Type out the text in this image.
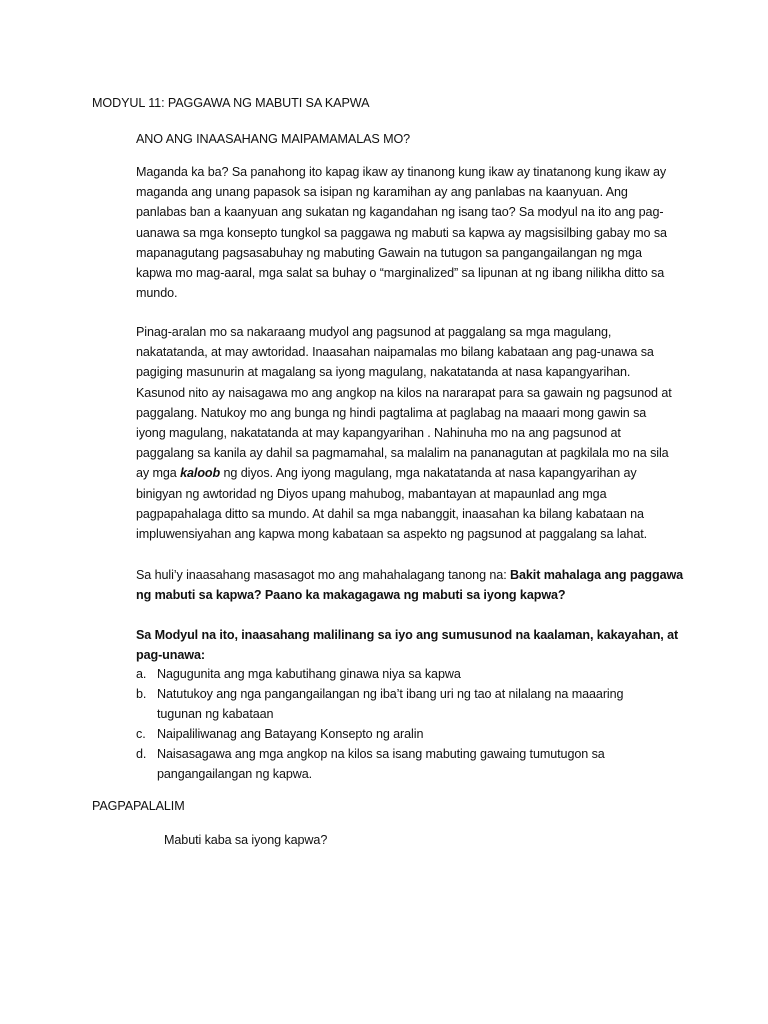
MODYUL 11: PAGGAWA NG MABUTI SA KAPWA
ANO ANG INAASAHANG MAIPAMAMALAS MO?
Maganda ka ba? Sa panahong ito kapag ikaw ay tinanong kung ikaw ay tinatanong kung ikaw ay
maganda ang unang papasok sa isipan ng karamihan ay ang panlabas na kaanyuan. Ang
panlabas ban a kaanyuan ang sukatan ng kagandahan ng isang tao? Sa modyul na ito ang pag-
uanawa sa mga konsepto tungkol sa paggawa ng mabuti sa kapwa ay magsisilbing gabay mo sa
mapanagutang pagsasabuhay ng mabuting Gawain na tutugon sa pangangailangan ng mga
kapwa mo mag-aaral, mga salat sa buhay o “marginalized” sa lipunan at ng ibang nilikha ditto sa
mundo.
Pinag-aralan mo sa nakaraang mudyol ang pagsunod at paggalang sa mga magulang,
nakatatanda, at may awtoridad. Inaasahan naipamalas mo bilang kabataan ang pag-unawa sa
pagiging masunurin at magalang sa iyong magulang, nakatatanda at nasa kapangyarihan.
Kasunod nito ay naisagawa mo ang angkop na kilos na nararapat para sa gawain ng pagsunod at
paggalang. Natukoy mo ang bunga ng hindi pagtalima at paglabag na maaari mong gawin sa
iyong magulang, nakatatanda at may kapangyarihan . Nahinuha mo na ang pagsunod at
paggalang sa kanila ay dahil sa pagmamahal, sa malalim na pananagutan at pagkilala mo na sila
ay mga kaloob ng diyos. Ang iyong magulang, mga nakatatanda at nasa kapangyarihan ay
binigyan ng awtoridad ng Diyos upang mahubog, mabantayan at mapaunlad ang mga
pagpapahalaga ditto sa mundo. At dahil sa mga nabanggit, inaasahan ka bilang kabataan na
impluwensiyahan ang kapwa mong kabataan sa aspekto ng pagsunod at paggalang sa lahat.
Sa huli’y inaasahang masasagot mo ang mahahalagang tanong na: Bakit mahalaga ang paggawa
ng mabuti sa kapwa? Paano ka makagagawa ng mabuti sa iyong kapwa?
Sa Modyul na ito, inaasahang malilinang sa iyo ang sumusunod na kaalaman, kakayahan, at
pag-unawa:
a. Nagugunita ang mga kabutihang ginawa niya sa kapwa
b. Natutukoy ang nga pangangailangan ng iba’t ibang uri ng tao at nilalang na maaaring
tugunan ng kabataan
c. Naipaliliwanag ang Batayang Konsepto ng aralin
d. Naisasagawa ang mga angkop na kilos sa isang mabuting gawaing tumutugon sa
pangangailangan ng kapwa.
PAGPAPALALIM
Mabuti kaba sa iyong kapwa?
